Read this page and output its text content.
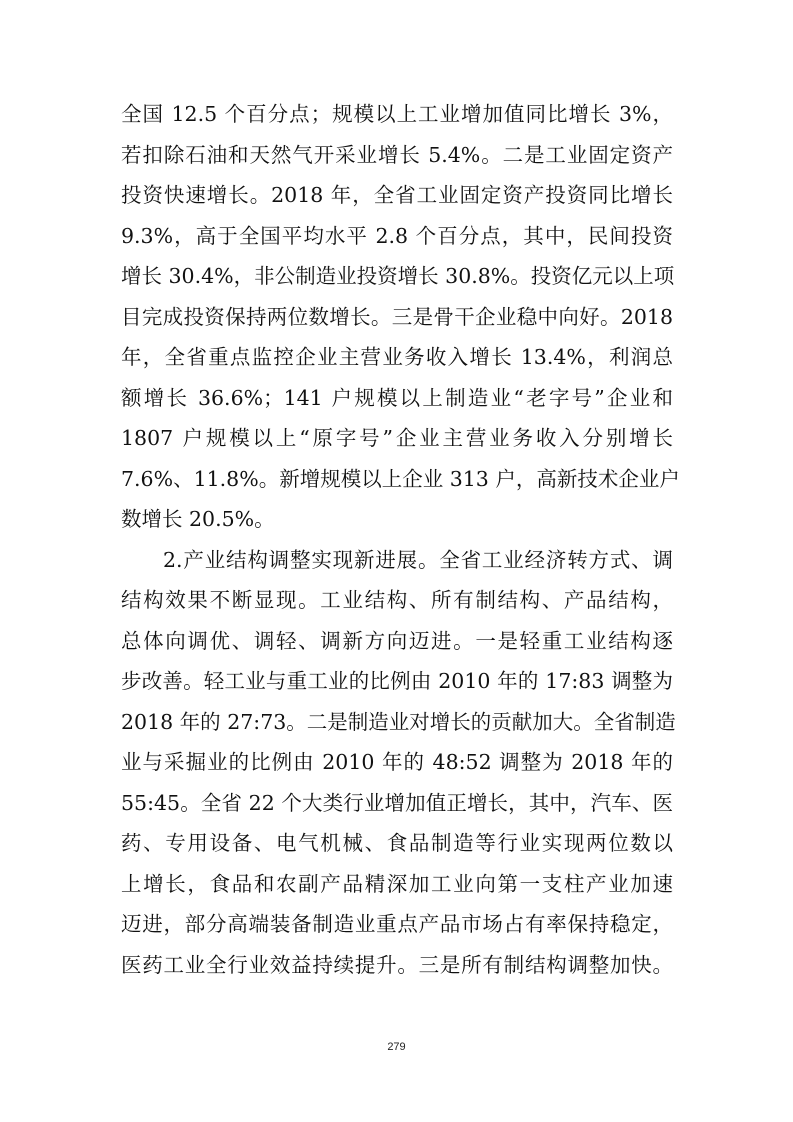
全国 12.5 个百分点；规模以上工业增加值同比增长 3%，
若扣除石油和天然气开采业增长 5.4%。二是工业固定资产
投资快速增长。2018 年，全省工业固定资产投资同比增长
9.3%，高于全国平均水平 2.8 个百分点，其中，民间投资
增长 30.4%，非公制造业投资增长 30.8%。投资亿元以上项
目完成投资保持两位数增长。三是骨干企业稳中向好。2018
年，全省重点监控企业主营业务收入增长 13.4%，利润总
额增长 36.6%；141 户规模以上制造业“老字号”企业和
1807 户规模以上“原字号”企业主营业务收入分别增长
7.6%、11.8%。新增规模以上企业 313 户，高新技术企业户
数增长 20.5%。
2.产业结构调整实现新进展。全省工业经济转方式、调
结构效果不断显现。工业结构、所有制结构、产品结构，
总体向调优、调轻、调新方向迈进。一是轻重工业结构逐
步改善。轻工业与重工业的比例由 2010 年的 17:83 调整为
2018 年的 27:73。二是制造业对增长的贡献加大。全省制造
业与采掘业的比例由 2010 年的 48:52 调整为 2018 年的
55:45。全省 22 个大类行业增加值正增长，其中，汽车、医
药、专用设备、电气机械、食品制造等行业实现两位数以
上增长，食品和农副产品精深加工业向第一支柱产业加速
迈进，部分高端装备制造业重点产品市场占有率保持稳定，
医药工业全行业效益持续提升。三是所有制结构调整加快。
279
